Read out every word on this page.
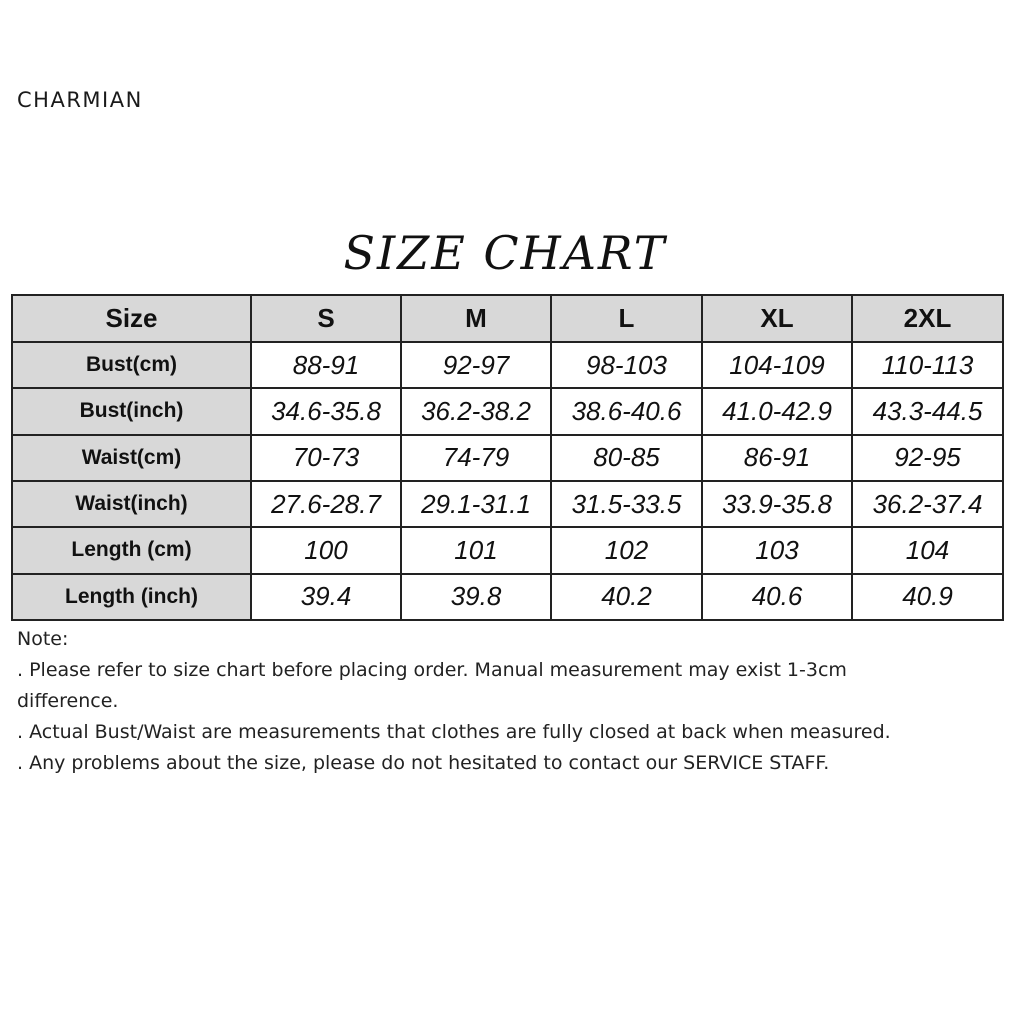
CHARMIAN
SIZE CHART
Size	S	M	L	XL	2XL
Bust(cm)	88-91	92-97	98-103	104-109	110-113
Bust(inch)	34.6-35.8	36.2-38.2	38.6-40.6	41.0-42.9	43.3-44.5
Waist(cm)	70-73	74-79	80-85	86-91	92-95
Waist(inch)	27.6-28.7	29.1-31.1	31.5-33.5	33.9-35.8	36.2-37.4
Length (cm)	100	101	102	103	104
Length (inch)	39.4	39.8	40.2	40.6	40.9
Note:
. Please refer to size chart before placing order. Manual measurement may exist 1-3cm
difference.
. Actual Bust/Waist are measurements that clothes are fully closed at back when measured.
. Any problems about the size, please do not hesitated to contact our SERVICE STAFF.
